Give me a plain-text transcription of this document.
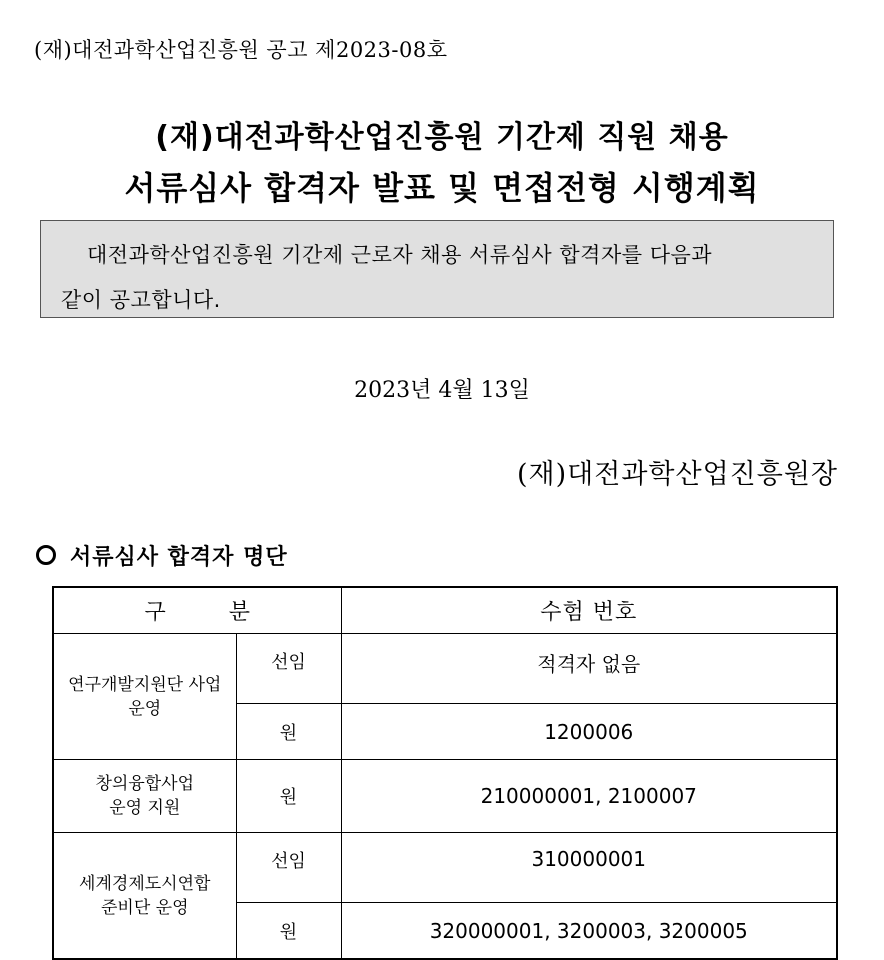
(재)대전과학산업진흥원 공고 제2023-08호
(재)대전과학산업진흥원 기간제 직원 채용
서류심사 합격자 발표 및 면접전형 시행계획
대전과학산업진흥원 기간제 근로자 채용 서류심사 합격자를 다음과
같이 공고합니다.
2023년 4월 13일
(재)대전과학산업진흥원장
서류심사 합격자 명단
구 분		수험 번호

연구개발지원단 사업
운영	선임	적격자 없음
	원	1200006

창의융합사업
운영 지원	원	210000001, 2100007

세계경제도시연합
준비단 운영	선임	310000001
	원	320000001, 3200003, 3200005
